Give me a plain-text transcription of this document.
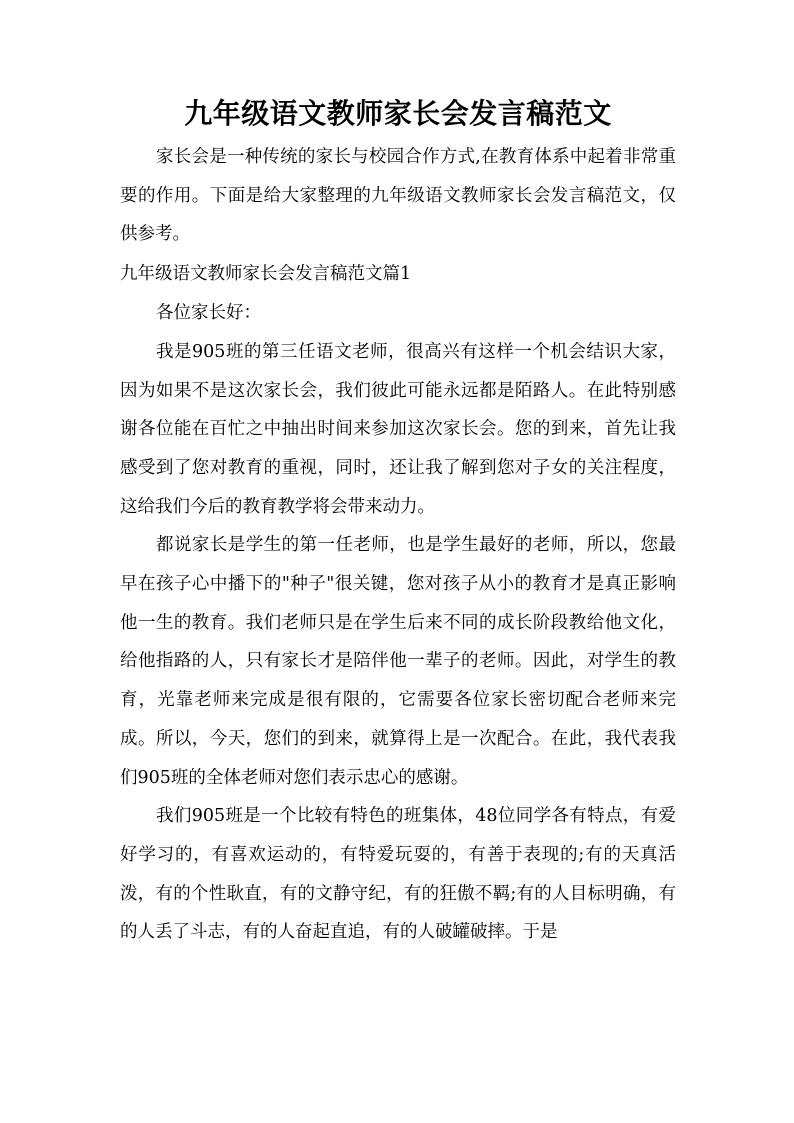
九年级语文教师家长会发言稿范文

家长会是一种传统的家长与校园合作方式,在教育体系中起着非常重要的作用。下面是给大家整理的九年级语文教师家长会发言稿范文，仅供参考。

九年级语文教师家长会发言稿范文篇1

各位家长好：

我是905班的第三任语文老师，很高兴有这样一个机会结识大家，因为如果不是这次家长会，我们彼此可能永远都是陌路人。在此特别感谢各位能在百忙之中抽出时间来参加这次家长会。您的到来，首先让我感受到了您对教育的重视，同时，还让我了解到您对子女的关注程度，这给我们今后的教育教学将会带来动力。

都说家长是学生的第一任老师，也是学生最好的老师，所以，您最早在孩子心中播下的"种子"很关键，您对孩子从小的教育才是真正影响他一生的教育。我们老师只是在学生后来不同的成长阶段教给他文化，给他指路的人，只有家长才是陪伴他一辈子的老师。因此，对学生的教育，光靠老师来完成是很有限的，它需要各位家长密切配合老师来完成。所以，今天，您们的到来，就算得上是一次配合。在此，我代表我们905班的全体老师对您们表示忠心的感谢。

我们905班是一个比较有特色的班集体，48位同学各有特点，有爱好学习的，有喜欢运动的，有特爱玩耍的，有善于表现的;有的天真活泼，有的个性耿直，有的文静守纪，有的狂傲不羁;有的人目标明确，有的人丢了斗志，有的人奋起直追，有的人破罐破摔。于是
